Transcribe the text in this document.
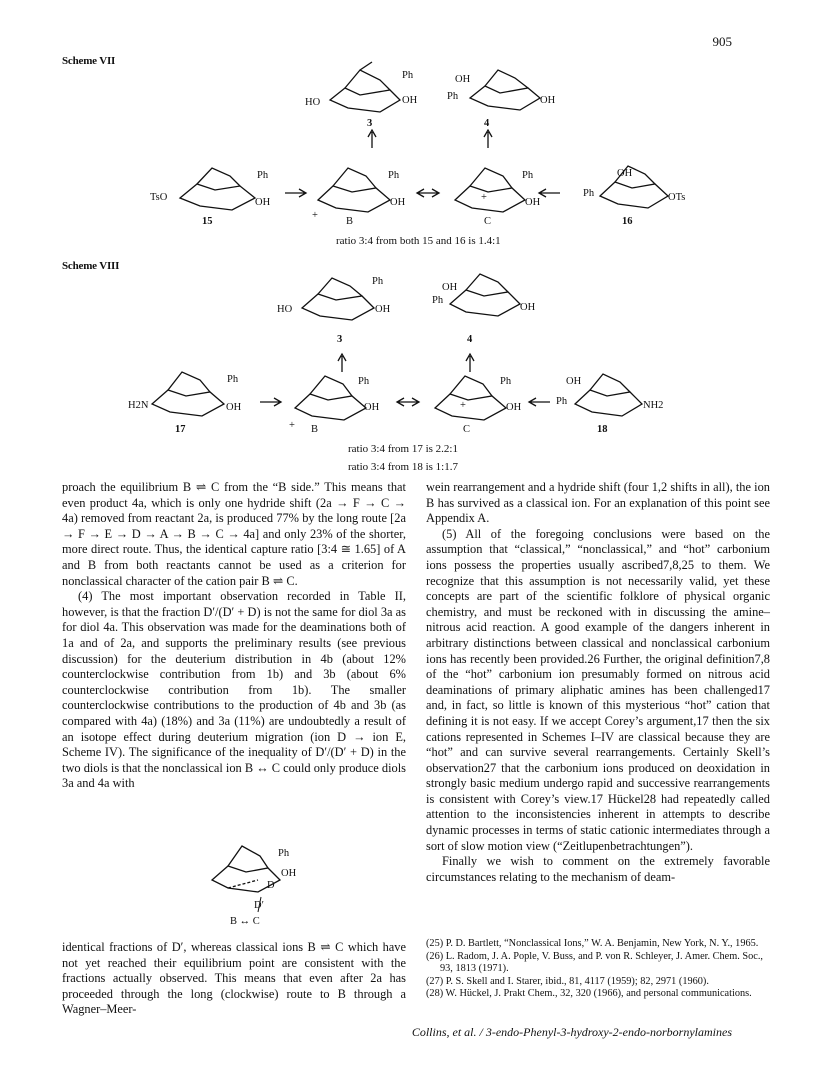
905
Scheme VII
Ph
HO	OH
OH
Ph	OH
Ph
TsO	OH
Ph
OH
+
Ph
OH
+
OH
Ph	OTs
3	4
15	16
B	C
Ph
HO	OH
OH
Ph
OH
Ph
H2N	OH
Ph
OH
+
Ph
OH
+
OH
Ph	NH2
B	C
3	4
17	18
Ph
OH
D
D′
B ↔ C
ratio 3:4 from both 15 and 16 is 1.4:1
Scheme VIII
ratio 3:4 from 17 is 2.2:1
ratio 3:4 from 18 is 1:1.7

proach the equilibrium B ⇌ C from the “B side.” This means that even product 4a, which is only one hydride shift (2a → F → C → 4a) removed from reactant 2a, is produced 77% by the long route [2a → F → E → D → A → B → C → 4a] and only 23% of the shorter, more direct route. Thus, the identical capture ratio [3:4 ≅ 1.65] of A and B from both reactants cannot be used as a criterion for nonclassical character of the cation pair B ⇌ C.

(4) The most important observation recorded in Table II, however, is that the fraction D′/(D′ + D) is not the same for diol 3a as for diol 4a. This observation was made for the deaminations both of 1a and of 2a, and supports the preliminary results (see previous discussion) for the deuterium distribution in 4b (about 12% counterclockwise contribution from 1b) and 3b (about 6% counterclockwise contribution from 1b). The smaller counterclockwise contributions to the production of 4b and 3b (as compared with 4a) (18%) and 3a (11%) are undoubtedly a result of an isotope effect during deuterium migration (ion D → ion E, Scheme IV). The significance of the inequality of D′/(D′ + D) in the two diols is that the nonclassical ion B ↔ C could only produce diols 3a and 4a with

identical fractions of D′, whereas classical ions B ⇌ C which have not yet reached their equilibrium point are consistent with the fractions actually observed. This means that even after 2a has proceeded through the long (clockwise) route to B through a Wagner–Meer-

wein rearrangement and a hydride shift (four 1,2 shifts in all), the ion B has survived as a classical ion. For an explanation of this point see Appendix A.

(5) All of the foregoing conclusions were based on the assumption that “classical,” “nonclassical,” and “hot” carbonium ions possess the properties usually ascribed7,8,25 to them. We recognize that this assumption is not necessarily valid, yet these concepts are part of the scientific folklore of physical organic chemistry, and must be reckoned with in discussing the amine–nitrous acid reaction. A good example of the dangers inherent in arbitrary distinctions between classical and nonclassical carbonium ions has recently been provided.26 Further, the original definition7,8 of the “hot” carbonium ion presumably formed on nitrous acid deaminations of primary aliphatic amines has been challenged17 and, in fact, so little is known of this mysterious “hot” cation that defining it is not easy. If we accept Corey’s argument,17 then the six cations represented in Schemes I–IV are classical because they are “hot” and can survive several rearrangements. Certainly Skell’s observation27 that the carbonium ions produced on deoxidation in strongly basic medium undergo rapid and successive rearrangements is consistent with Corey’s view.17 Hückel28 had repeatedly called attention to the inconsistencies inherent in attempts to describe dynamic processes in terms of static cationic intermediates through a sort of slow motion view (“Zeitlupenbetrachtungen”).

Finally we wish to comment on the extremely favorable circumstances relating to the mechanism of deam-

(25) P. D. Bartlett, “Nonclassical Ions,” W. A. Benjamin, New York, N. Y., 1965.
(26) L. Radom, J. A. Pople, V. Buss, and P. von R. Schleyer, J. Amer. Chem. Soc., 93, 1813 (1971).
(27) P. S. Skell and I. Starer, ibid., 81, 4117 (1959); 82, 2971 (1960).
(28) W. Hückel, J. Prakt Chem., 32, 320 (1966), and personal communications.
Collins, et al. / 3-endo-Phenyl-3-hydroxy-2-endo-norbornylamines
